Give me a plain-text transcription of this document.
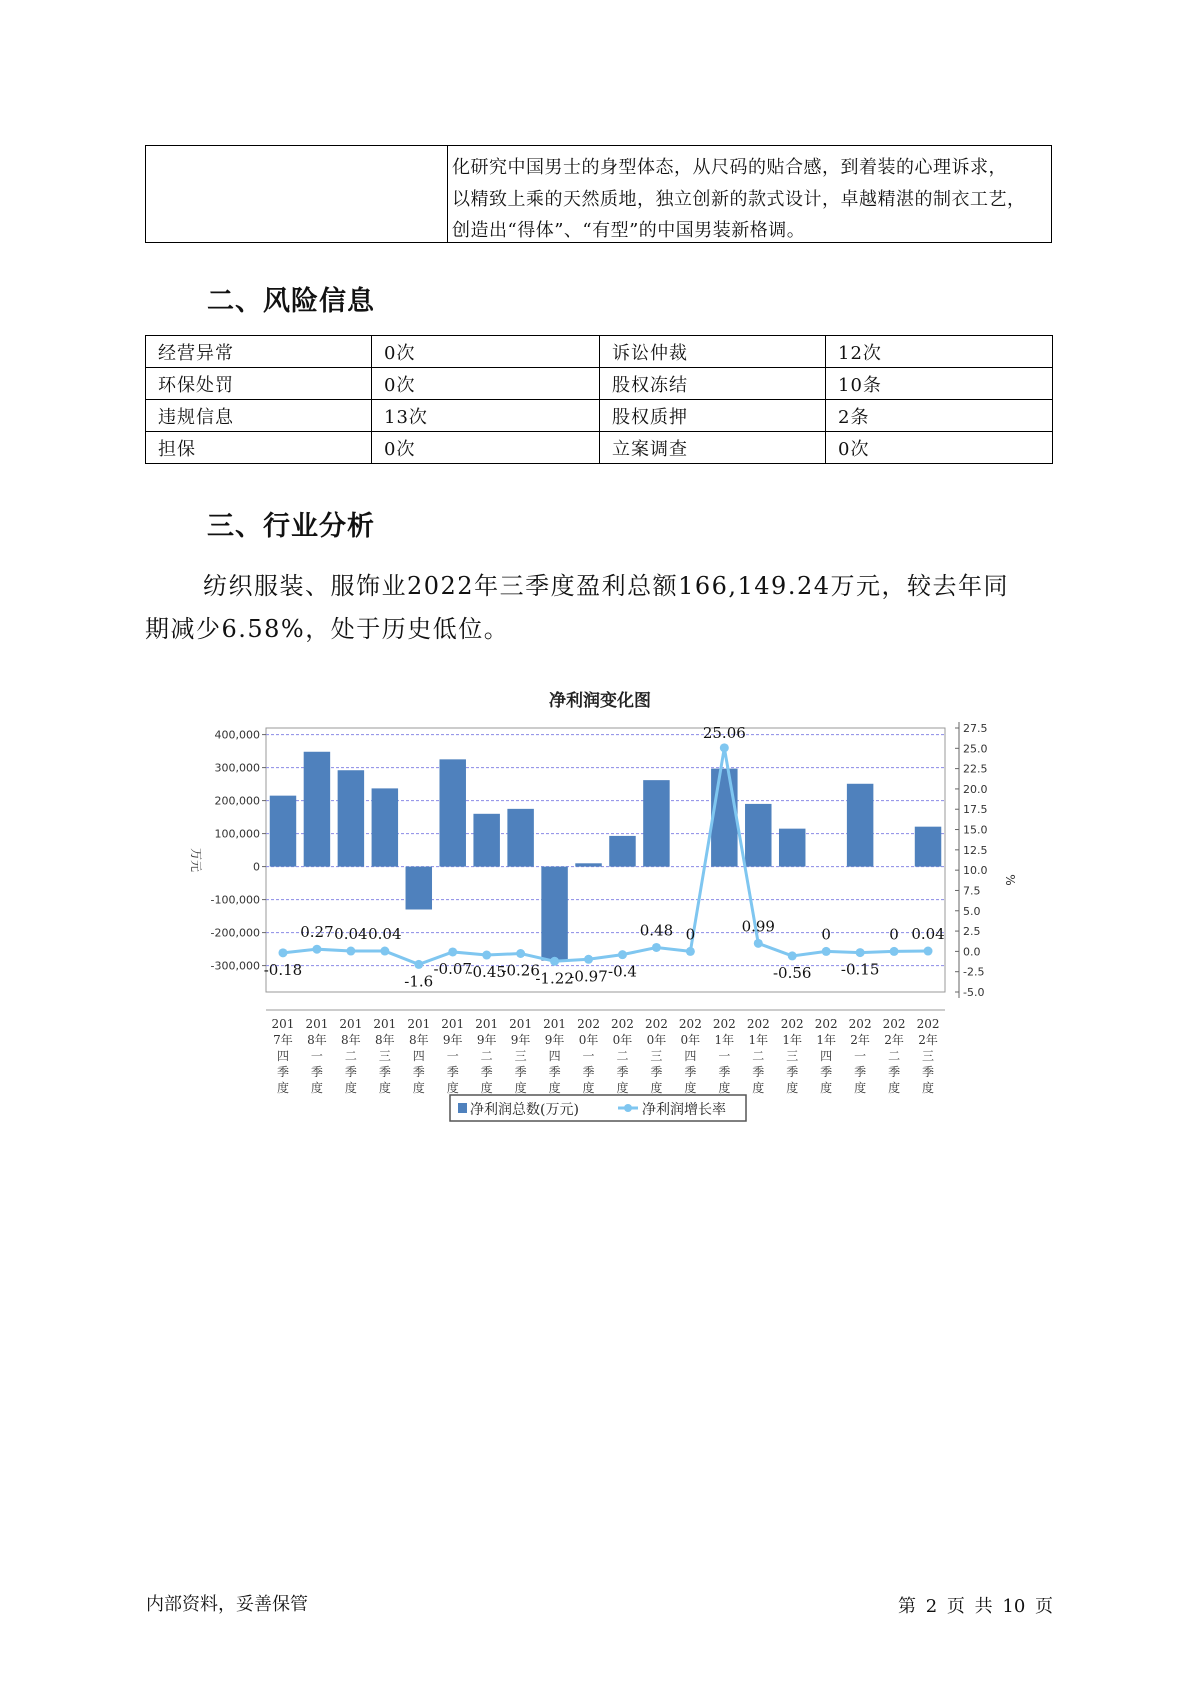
化研究中国男士的身型体态，从尺码的贴合感，到着装的心理诉求，
以精致上乘的天然质地，独立创新的款式设计，卓越精湛的制衣工艺，
创造出“得体”、“有型”的中国男装新格调。
二、风险信息
经营异常	0次	诉讼仲裁	12次
环保处罚	0次	股权冻结	10条
违规信息	13次	股权质押	2条
担保	0次	立案调查	0次
三、行业分析
纺织服装、服饰业2022年三季度盈利总额166,149.24万元，较去年同
期减少6.58%，处于历史低位。
净利润变化图
400,000
300,000
200,000
100,000
0
-100,000
-200,000
-300,000
27.5
25.0
22.5
20.0
17.5
15.0
12.5
10.0
7.5
5.0
2.5
0.0
-2.5
-5.0
万元
%
-0.18
0.27 0.04 0.04
-1.6
-0.07
-0.45
-0.26
-1.22
-0.97 -0.4
0.48 0
25.06
0.99
-0.56
0
-0.15
0 0.04
201
7年
四
季
度
201
8年
一
季
度
201
8年
二
季
度
201
8年
三
季
度
201
8年
四
季
度
201
9年
一
季
度
201
9年
二
季
度
201
9年
三
季
度
201
9年
四
季
度
202
0年
一
季
度
202
0年
二
季
度
202
0年
三
季
度
202
0年
四
季
度
202
1年
一
季
度
202
1年
二
季
度
202
1年
三
季
度
202
1年
四
季
度
202
2年
一
季
度
202
2年
二
季
度
202
2年
三
季
度
净利润总数(万元)	净利润增长率
内部资料，妥善保管	第 2 页 共 10 页
